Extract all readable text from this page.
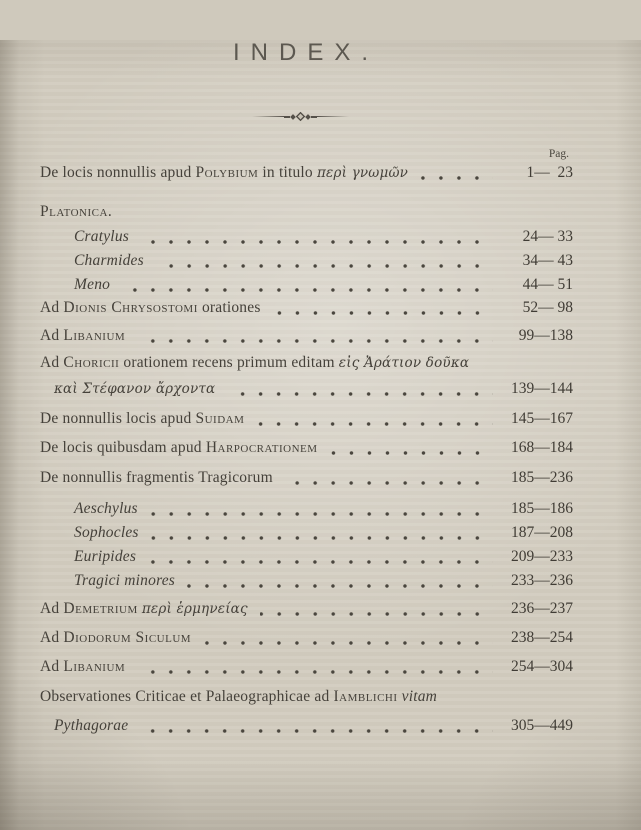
INDEX.
Pag.
De locis nonnullis apud Polybium in titulo περὶ γνωμῶν	1—  23
Platonica.
Cratylus	24— 33
Charmides	34— 43
Meno	44— 51
Ad Dionis Chrysostomi orationes	52— 98
Ad Libanium	99—138
Ad Choricii orationem recens primum editam εἰς Ἀράτιον δοῦκα
καὶ Στέφανον ἄρχοντα	139—144
De nonnullis locis apud Suidam	145—167
De locis quibusdam apud Harpocrationem	168—184
De nonnullis fragmentis Tragicorum	185—236
Aeschylus	185—186
Sophocles	187—208
Euripides	209—233
Tragici minores	233—236
Ad Demetrium περὶ ἑρμηνείας	236—237
Ad Diodorum Siculum	238—254
Ad Libanium	254—304
Observationes Criticae et Palaeographicae ad Iamblichi vitam
Pythagorae	305—449
